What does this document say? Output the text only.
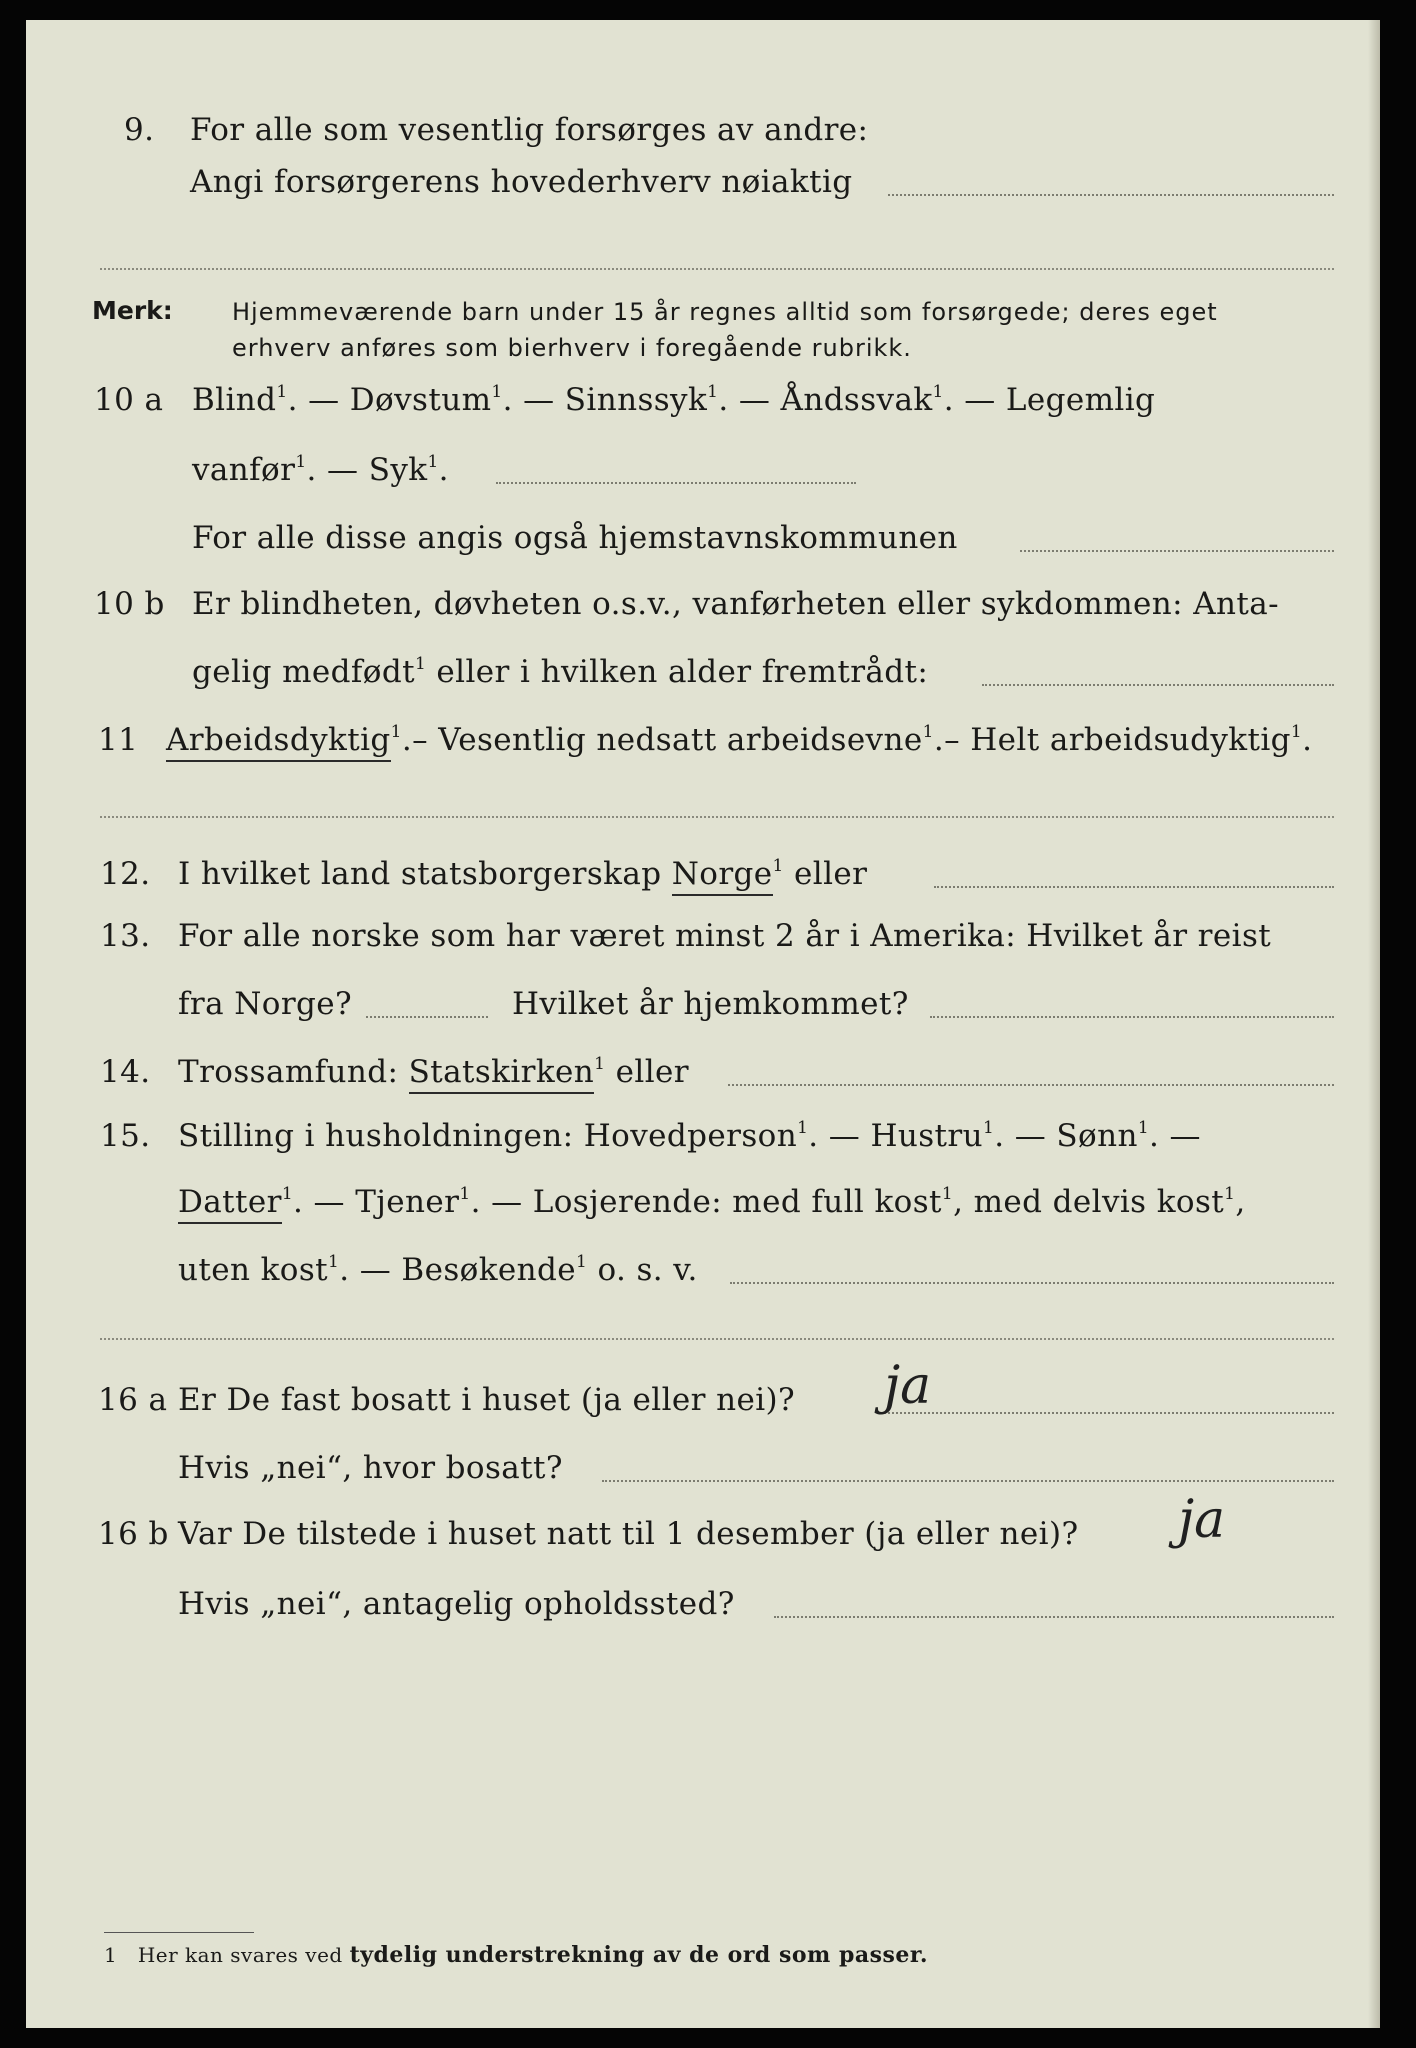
9. For alle som vesentlig forsørges av andre:
Angi forsørgerens hovederhverv nøiaktig
Merk: Hjemmeværende barn under 15 år regnes alltid som forsørgede; deres eget
erhverv anføres som bierhverv i foregående rubrikk.
10 a Blind$^1$. — Døvstum$^1$. — Sinnssyk$^1$. — Åndssvak$^1$. — Legemlig
vanfør$^1$. — Syk$^1$.
For alle disse angis også hjemstavnskommunen
10 b Er blindheten, døvheten o.s.v., vanførheten eller sykdommen: Anta-
gelig medfødt$^1$ eller i hvilken alder fremtrådt:
11 Arbeidsdyktig$^1$.– Vesentlig nedsatt arbeidsevne$^1$.– Helt arbeidsudyktig$^1$.
12. I hvilket land statsborgerskap Norge$^1$ eller
13. For alle norske som har været minst 2 år i Amerika: Hvilket år reist
fra Norge?	Hvilket år hjemkommet?
14. Trossamfund: Statskirken$^1$ eller
15. Stilling i husholdningen: Hovedperson$^1$. — Hustru$^1$. — Sønn$^1$. —
Datter$^1$. — Tjener$^1$. — Losjerende: med full kost$^1$, med delvis kost$^1$,
uten kost$^1$. — Besøkende$^1$ o. s. v.
16 a Er De fast bosatt i huset (ja eller nei)? ja
Hvis „nei“, hvor bosatt?
16 b Var De tilstede i huset natt til 1 desember (ja eller nei)? ja
Hvis „nei“, antagelig opholdssted?
1 Her kan svares ved tydelig understrekning av de ord som passer.
